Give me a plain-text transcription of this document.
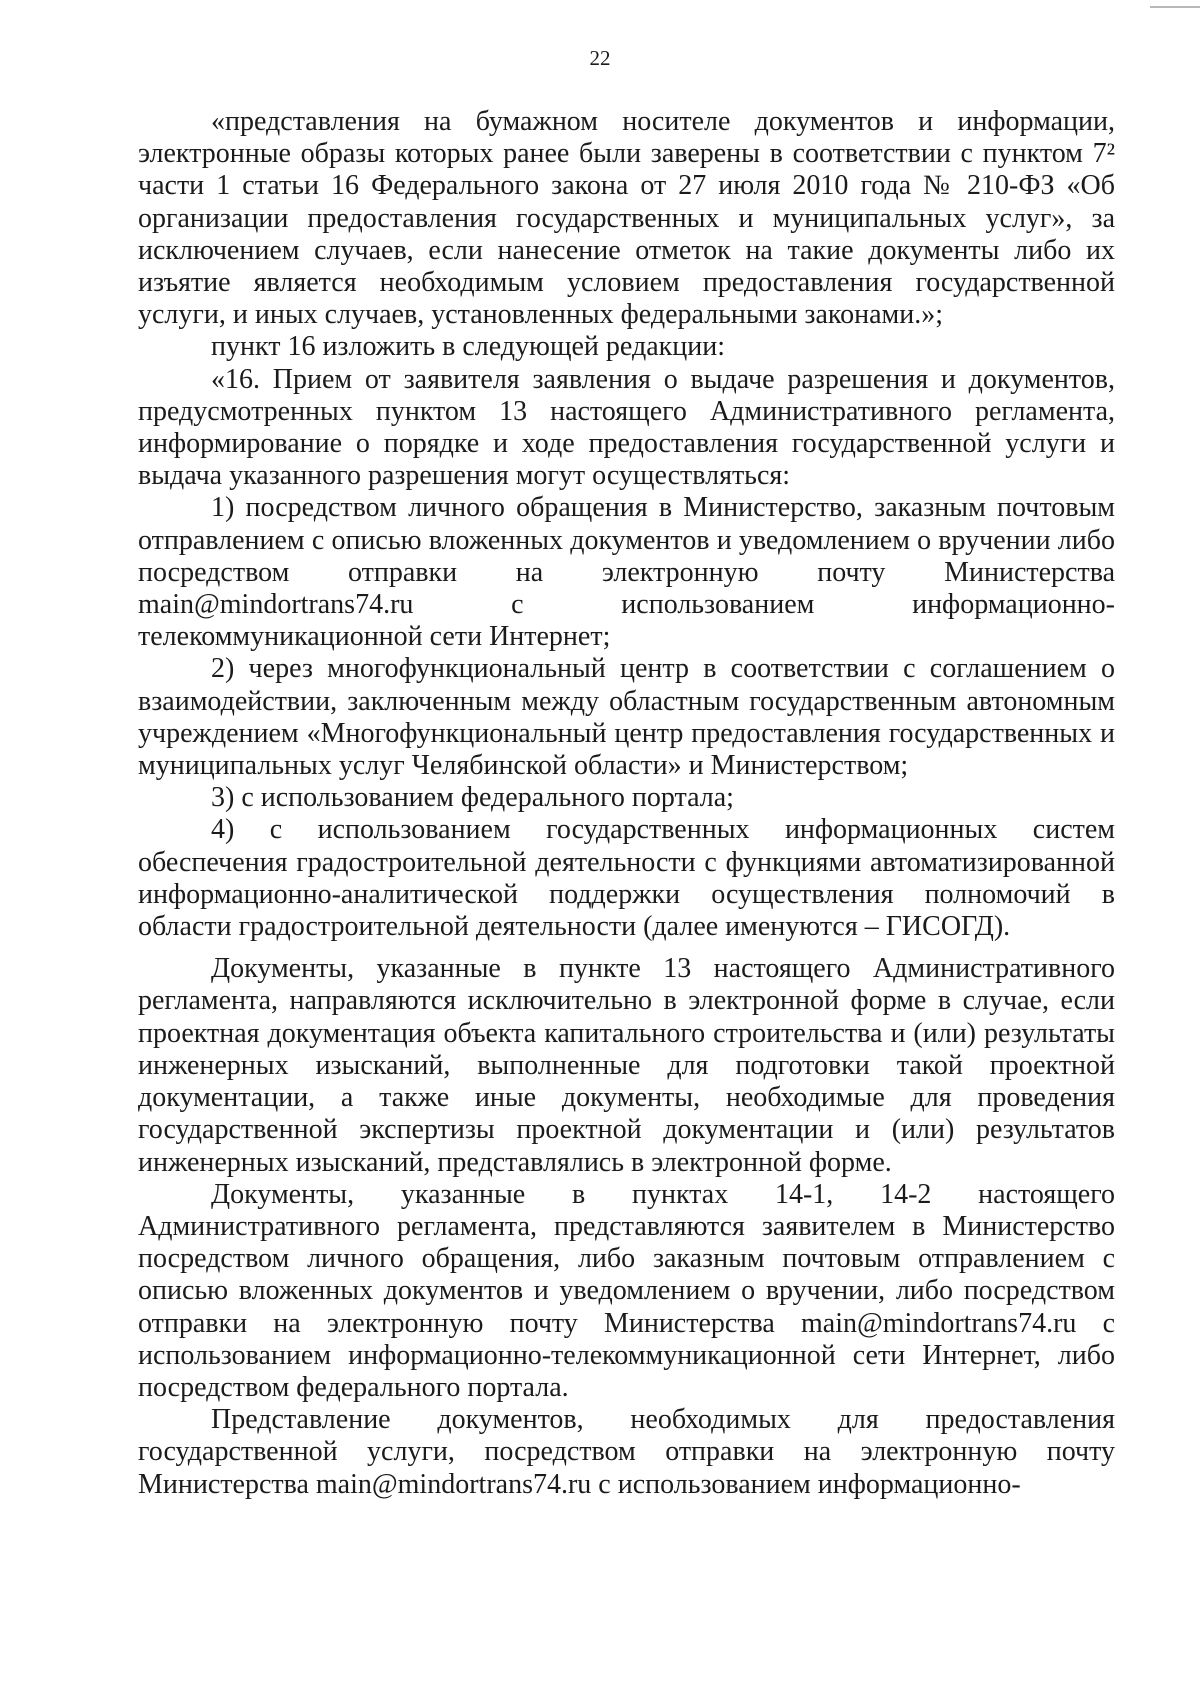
22

«представления на бумажном носителе документов и информации, электронные образы которых ранее были заверены в соответствии с пунктом 7² части 1 статьи 16 Федерального закона от 27 июля 2010 года № 210-ФЗ «Об организации предоставления государственных и муниципальных услуг», за исключением случаев, если нанесение отметок на такие документы либо их изъятие является необходимым условием предоставления государственной услуги, и иных случаев, установленных федеральными законами.»;

пункт 16 изложить в следующей редакции:

«16. Прием от заявителя заявления о выдаче разрешения и документов, предусмотренных пунктом 13 настоящего Административного регламента, информирование о порядке и ходе предоставления государственной услуги и выдача указанного разрешения могут осуществляться:

1) посредством личного обращения в Министерство, заказным почтовым отправлением с описью вложенных документов и уведомлением о вручении либо посредством отправки на электронную почту Министерства main@mindortrans74.ru с использованием информационно-телекоммуникационной сети Интернет;

2) через многофункциональный центр в соответствии с соглашением о взаимодействии, заключенным между областным государственным автономным учреждением «Многофункциональный центр предоставления государственных и муниципальных услуг Челябинской области» и Министерством;

3) с использованием федерального портала;

4) с использованием государственных информационных систем обеспечения градостроительной деятельности с функциями автоматизированной информационно-аналитической поддержки осуществления полномочий в области градостроительной деятельности (далее именуются – ГИСОГД).

Документы, указанные в пункте 13 настоящего Административного регламента, направляются исключительно в электронной форме в случае, если проектная документация объекта капитального строительства и (или) результаты инженерных изысканий, выполненные для подготовки такой проектной документации, а также иные документы, необходимые для проведения государственной экспертизы проектной документации и (или) результатов инженерных изысканий, представлялись в электронной форме.

Документы, указанные в пунктах 14-1, 14-2 настоящего Административного регламента, представляются заявителем в Министерство посредством личного обращения, либо заказным почтовым отправлением с описью вложенных документов и уведомлением о вручении, либо посредством отправки на электронную почту Министерства main@mindortrans74.ru с использованием информационно-телекоммуникационной сети Интернет, либо посредством федерального портала.

Представление документов, необходимых для предоставления государственной услуги, посредством отправки на электронную почту Министерства main@mindortrans74.ru с использованием информационно-
